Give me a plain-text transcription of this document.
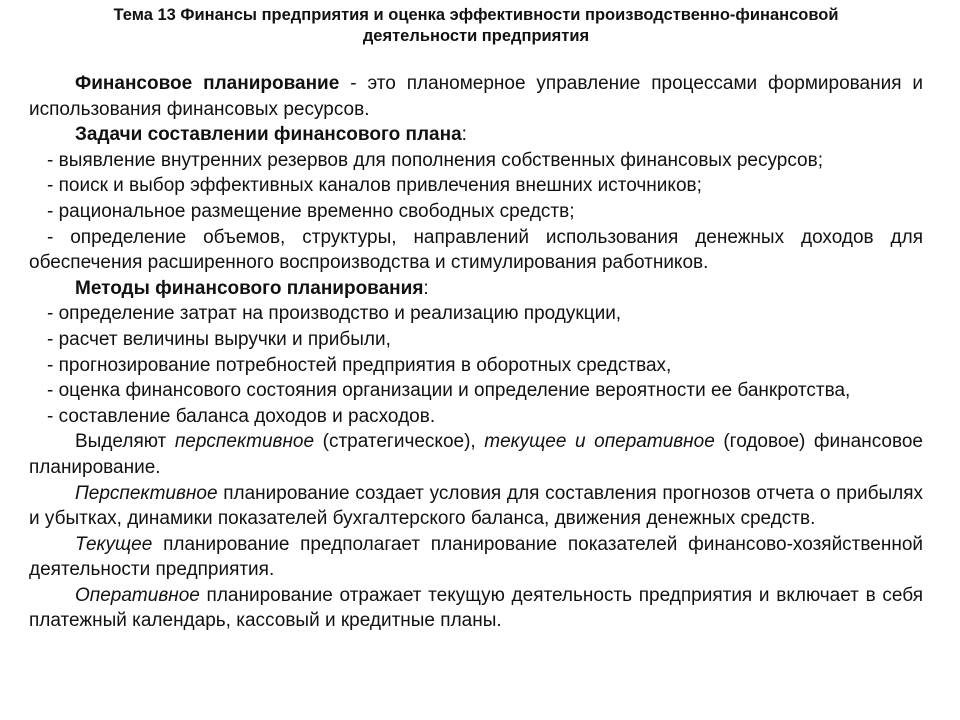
Тема 13 Финансы предприятия и оценка эффективности производственно-финансовой
деятельности предприятия

Финансовое планирование - это планомерное управление процессами формирования и использования финансовых ресурсов.

Задачи составлении финансового плана:

- выявление внутренних резервов для пополнения собственных финансовых ресурсов;

- поиск и выбор эффективных каналов привлечения внешних источников;

- рациональное размещение временно свободных средств;

- определение объемов, структуры, направлений использования денежных доходов для обеспечения расширенного воспроизводства и стимулирования работников.

Методы финансового планирования:

- определение затрат на производство и реализацию продукции,

- расчет величины выручки и прибыли,

- прогнозирование потребностей предприятия в оборотных средствах,

- оценка финансового состояния организации и определение вероятности ее банкротства,

- составление баланса доходов и расходов.

Выделяют перспективное (стратегическое), текущее и оперативное (годовое) финансовое планирование.

Перспективное планирование создает условия для составления прогнозов отчета о прибылях и убытках, динамики показателей бухгалтерского баланса, движения денежных средств.

Текущее планирование предполагает планирование показателей финансово-хозяйственной деятельности предприятия.

Оперативное планирование отражает текущую деятельность предприятия и включает в себя платежный календарь, кассовый и кредитные планы.
